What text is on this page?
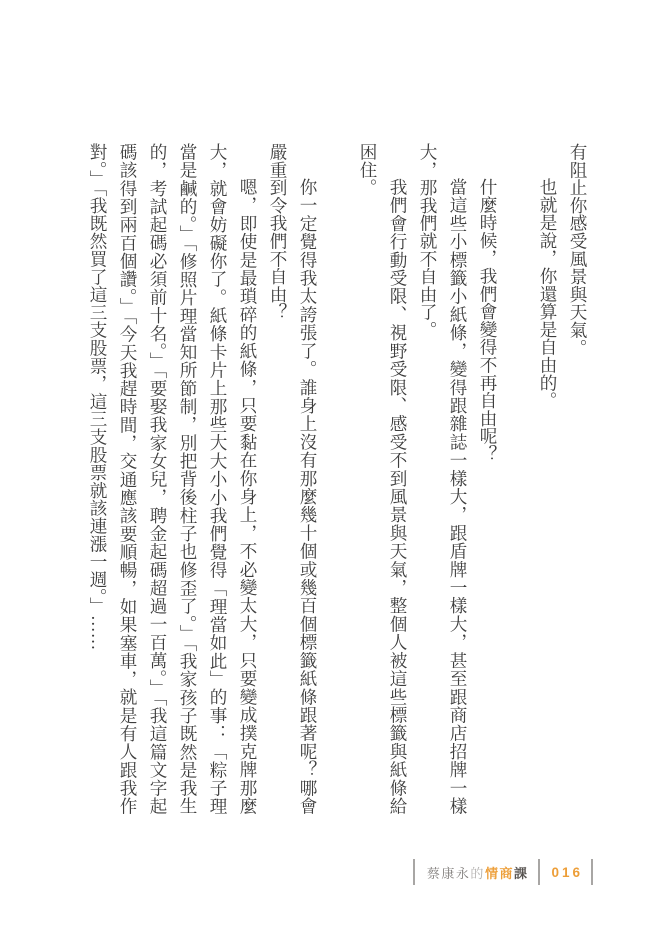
有阻止你感受風景與天氣。

也就是說，你還算是自由的。

什麼時候，我們會變得不再自由呢？

當這些小標籤小紙條，變得跟雜誌一樣大，跟盾牌一樣大，甚至跟商店招牌一樣大，那我們就不自由了。

我們會行動受限、視野受限、感受不到風景與天氣，整個人被這些標籤與紙條給困住。

你一定覺得我太誇張了。誰身上沒有那麼幾十個或幾百個標籤紙條跟著呢？哪會嚴重到令我們不自由？

嗯，即使是最瑣碎的紙條，只要黏在你身上，不必變太大，只要變成撲克牌那麼大，就會妨礙你了。紙條卡片上那些大大小小我們覺得「理當如此」的事：「粽子理當是鹹的。」「修照片理當知所節制，別把背後柱子也修歪了。」「我家孩子既然是我生的，考試起碼必須前十名。」「要娶我家女兒，聘金起碼超過一百萬。」「我這篇文字起碼該得到兩百個讚。」「今天我趕時間，交通應該要順暢，如果塞車，就是有人跟我作對。」「我既然買了這三支股票，這三支股票就該連漲一週。」……

蔡康永的情商課 016
